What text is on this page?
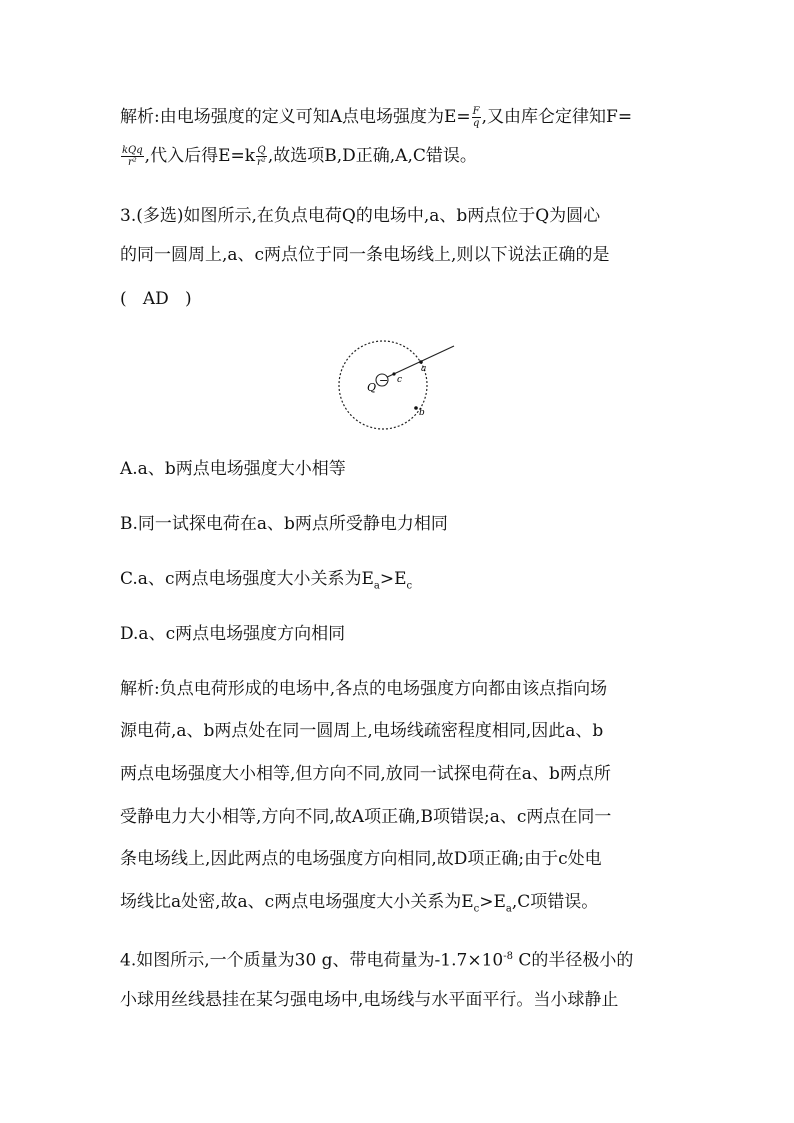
解析:由电场强度的定义可知A点电场强度为$E= \frac{F}{q}$ ,又由库仑定律知F=
$\frac{\text{kQq}}{\text{r²}}$ ,代入后得$E=k \frac{Q}{\text{r²}}$ ,故选项B,D正确,A,C错误。
3.(多选)如图所示,在负点电荷Q的电场中,a、b两点位于Q为圆心
的同一圆周上,a、c两点位于同一条电场线上,则以下说法正确的是
(   AD   )
−
Q
c
a
b
A.a、b两点电场强度大小相等
B.同一试探电荷在a、b两点所受静电力相同
C.a、c两点电场强度大小关系为$E_a>E_c$
D.a、c两点电场强度方向相同
解析:负点电荷形成的电场中,各点的电场强度方向都由该点指向场
源电荷,a、b两点处在同一圆周上,电场线疏密程度相同,因此a、b
两点电场强度大小相等,但方向不同,放同一试探电荷在a、b两点所
受静电力大小相等,方向不同,故A项正确,B项错误;a、c两点在同一
条电场线上,因此两点的电场强度方向相同,故D项正确;由于c处电
场线比a处密,故a、c两点电场强度大小关系为$E_c>E_a,C$项错误。
4.如图所示,一个质量为30 g、带电荷量为$-1.7\times 10^{-8}$ C的半径极小的
小球用丝线悬挂在某匀强电场中,电场线与水平面平行。当小球静止
